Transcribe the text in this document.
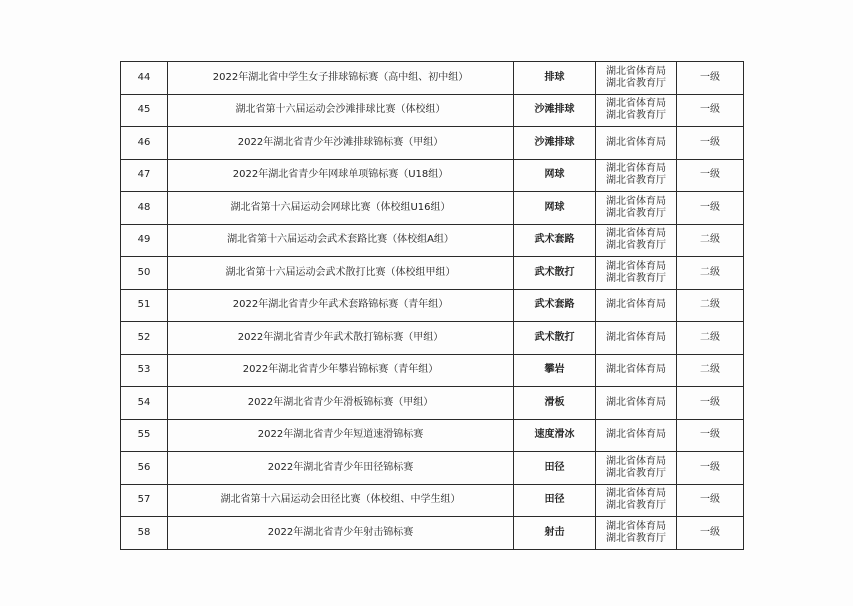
44	2022年湖北省中学生女子排球锦标赛（高中组、初中组）	排球	湖北省体育局
湖北省教育厅	一级
45	湖北省第十六届运动会沙滩排球比赛（体校组）	沙滩排球	湖北省体育局
湖北省教育厅	一级
46	2022年湖北省青少年沙滩排球锦标赛（甲组）	沙滩排球	湖北省体育局	一级
47	2022年湖北省青少年网球单项锦标赛（U18组）	网球	湖北省体育局
湖北省教育厅	一级
48	湖北省第十六届运动会网球比赛（体校组U16组）	网球	湖北省体育局
湖北省教育厅	一级
49	湖北省第十六届运动会武术套路比赛（体校组A组）	武术套路	湖北省体育局
湖北省教育厅	二级
50	湖北省第十六届运动会武术散打比赛（体校组甲组）	武术散打	湖北省体育局
湖北省教育厅	二级
51	2022年湖北省青少年武术套路锦标赛（青年组）	武术套路	湖北省体育局	二级
52	2022年湖北省青少年武术散打锦标赛（甲组）	武术散打	湖北省体育局	二级
53	2022年湖北省青少年攀岩锦标赛（青年组）	攀岩	湖北省体育局	二级
54	2022年湖北省青少年滑板锦标赛（甲组）	滑板	湖北省体育局	一级
55	2022年湖北省青少年短道速滑锦标赛	速度滑冰	湖北省体育局	一级
56	2022年湖北省青少年田径锦标赛	田径	湖北省体育局
湖北省教育厅	一级
57	湖北省第十六届运动会田径比赛（体校组、中学生组）	田径	湖北省体育局
湖北省教育厅	一级
58	2022年湖北省青少年射击锦标赛	射击	湖北省体育局
湖北省教育厅	一级
